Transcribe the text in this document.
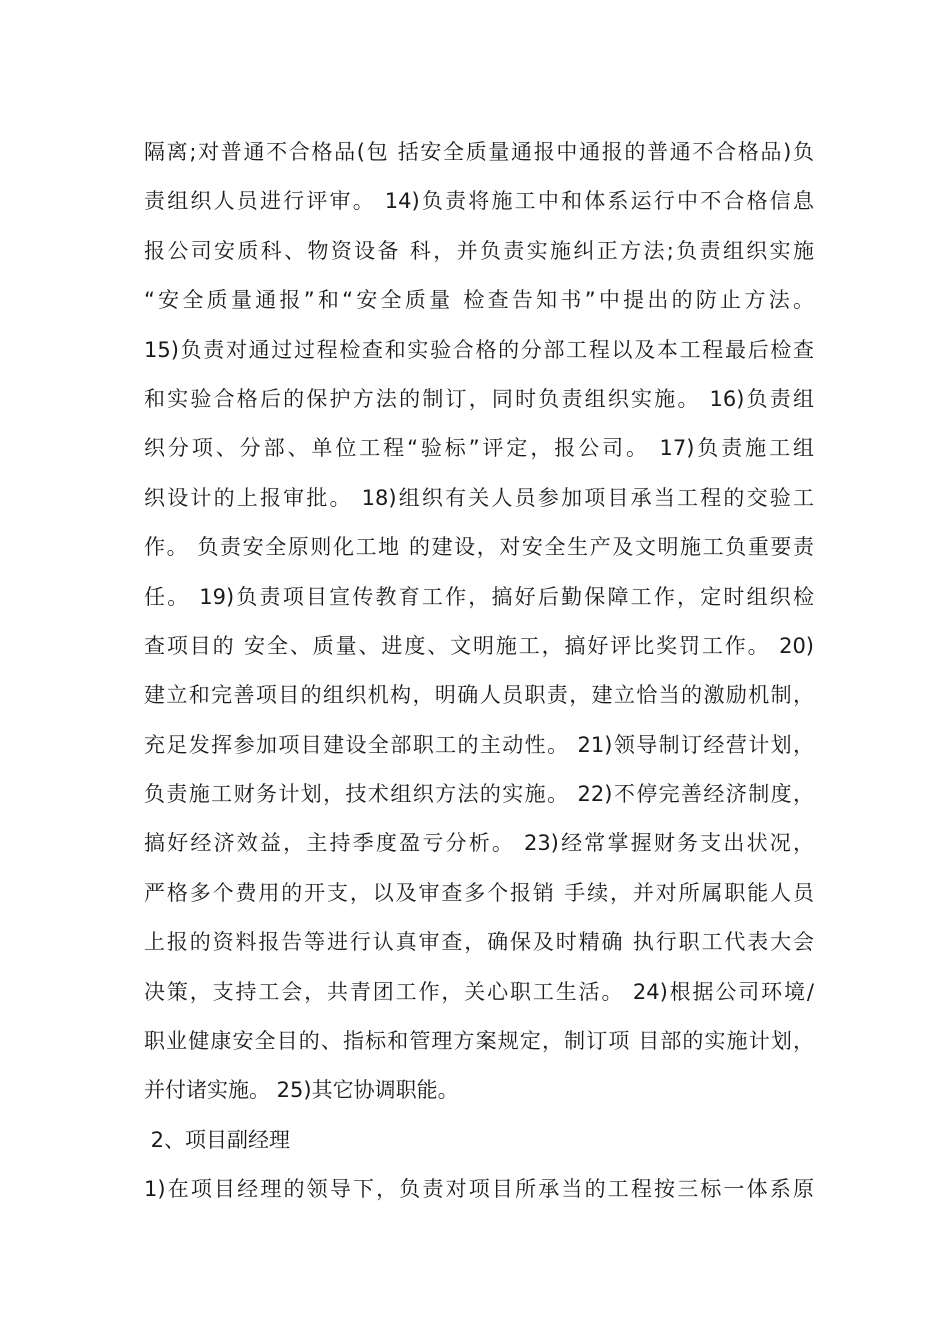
隔离;对普通不合格品(包 括安全质量通报中通报的普通不合格品)负
责组织人员进行评审。 14)负责将施工中和体系运行中不合格信息
报公司安质科、物资设备 科，并负责实施纠正方法;负责组织实施
“安全质量通报”和“安全质量 检查告知书”中提出的防止方法。
15)负责对通过过程检查和实验合格的分部工程以及本工程最后检查
和实验合格后的保护方法的制订，同时负责组织实施。 16)负责组
织分项、分部、单位工程“验标”评定，报公司。 17)负责施工组
织设计的上报审批。 18)组织有关人员参加项目承当工程的交验工
作。 负责安全原则化工地 的建设，对安全生产及文明施工负重要责
任。 19)负责项目宣传教育工作，搞好后勤保障工作，定时组织检
查项目的 安全、质量、进度、文明施工，搞好评比奖罚工作。 20)
建立和完善项目的组织机构，明确人员职责，建立恰当的激励机制，
充足发挥参加项目建设全部职工的主动性。 21)领导制订经营计划，
负责施工财务计划，技术组织方法的实施。 22)不停完善经济制度，
搞好经济效益，主持季度盈亏分析。 23)经常掌握财务支出状况，
严格多个费用的开支，以及审查多个报销 手续，并对所属职能人员
上报的资料报告等进行认真审查，确保及时精确 执行职工代表大会
决策，支持工会，共青团工作，关心职工生活。 24)根据公司环境/
职业健康安全目的、指标和管理方案规定，制订项 目部的实施计划，
并付诸实施。 25)其它协调职能。
2、项目副经理
1)在项目经理的领导下，负责对项目所承当的工程按三标一体系原
